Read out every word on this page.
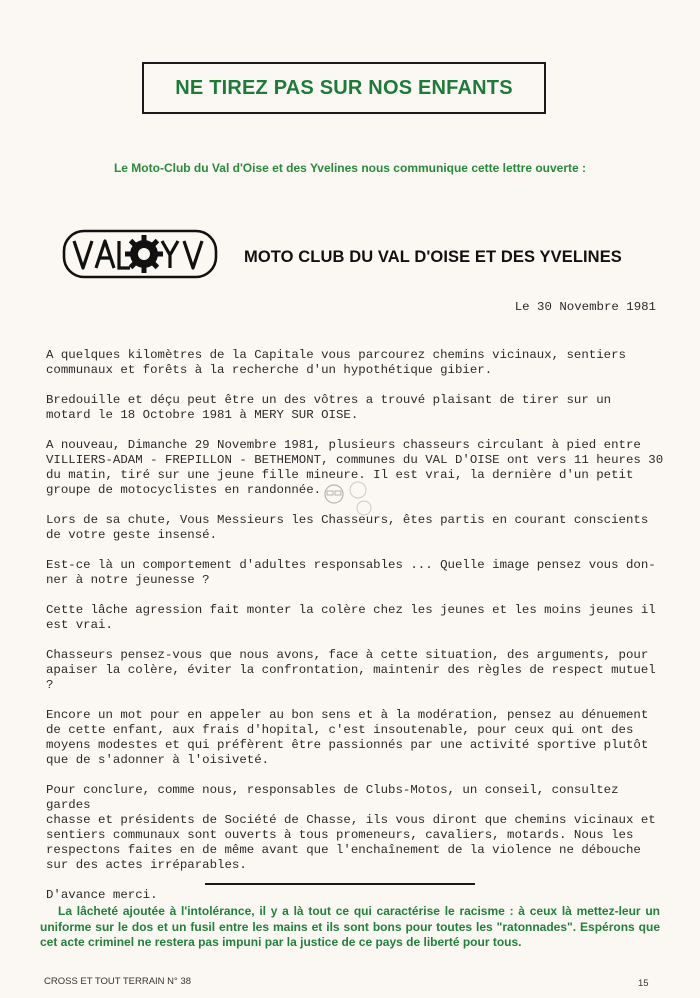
NE TIREZ PAS SUR NOS ENFANTS
Le Moto-Club du Val d'Oise et des Yvelines nous communique cette lettre ouverte :
MOTO CLUB DU VAL D'OISE ET DES YVELINES
Le 30 Novembre 1981

A quelques kilomètres de la Capitale vous parcourez chemins vicinaux, sentiers
communaux et forêts à la recherche d'un hypothétique gibier.

Bredouille et déçu peut être un des vôtres a trouvé plaisant de tirer sur un
motard le 18 Octobre 1981 à MERY SUR OISE.

A nouveau, Dimanche 29 Novembre 1981, plusieurs chasseurs circulant à pied entre
VILLIERS-ADAM - FREPILLON - BETHEMONT, communes du VAL D'OISE ont vers 11 heures 30
du matin, tiré sur une jeune fille mineure. Il est vrai, la dernière d'un petit
groupe de motocyclistes en randonnée.

Lors de sa chute, Vous Messieurs les Chasseurs, êtes partis en courant conscients
de votre geste insensé.

Est-ce là un comportement d'adultes responsables ... Quelle image pensez vous don-
ner à notre jeunesse ?

Cette lâche agression fait monter la colère chez les jeunes et les moins jeunes il
est vrai.

Chasseurs pensez-vous que nous avons, face à cette situation, des arguments, pour
apaiser la colère, éviter la confrontation, maintenir des règles de respect mutuel ?

Encore un mot pour en appeler au bon sens et à la modération, pensez au dénuement
de cette enfant, aux frais d'hopital, c'est insoutenable, pour ceux qui ont des
moyens modestes et qui préfèrent être passionnés par une activité sportive plutôt
que de s'adonner à l'oisiveté.

Pour conclure, comme nous, responsables de Clubs-Motos, un conseil, consultez gardes
chasse et présidents de Société de Chasse, ils vous diront que chemins vicinaux et
sentiers communaux sont ouverts à tous promeneurs, cavaliers, motards. Nous les
respectons faites en de même avant que l'enchaînement de la violence ne débouche
sur des actes irréparables.

D'avance merci.

La lâcheté ajoutée à l'intolérance, il y a là tout ce qui caractérise le racisme : à ceux là mettez-leur un uniforme sur le dos et un fusil entre les mains et ils sont bons pour toutes les "ratonnades". Espérons que cet acte criminel ne restera pas impuni par la justice de ce pays de liberté pour tous.
CROSS ET TOUT TERRAIN N° 38	15
